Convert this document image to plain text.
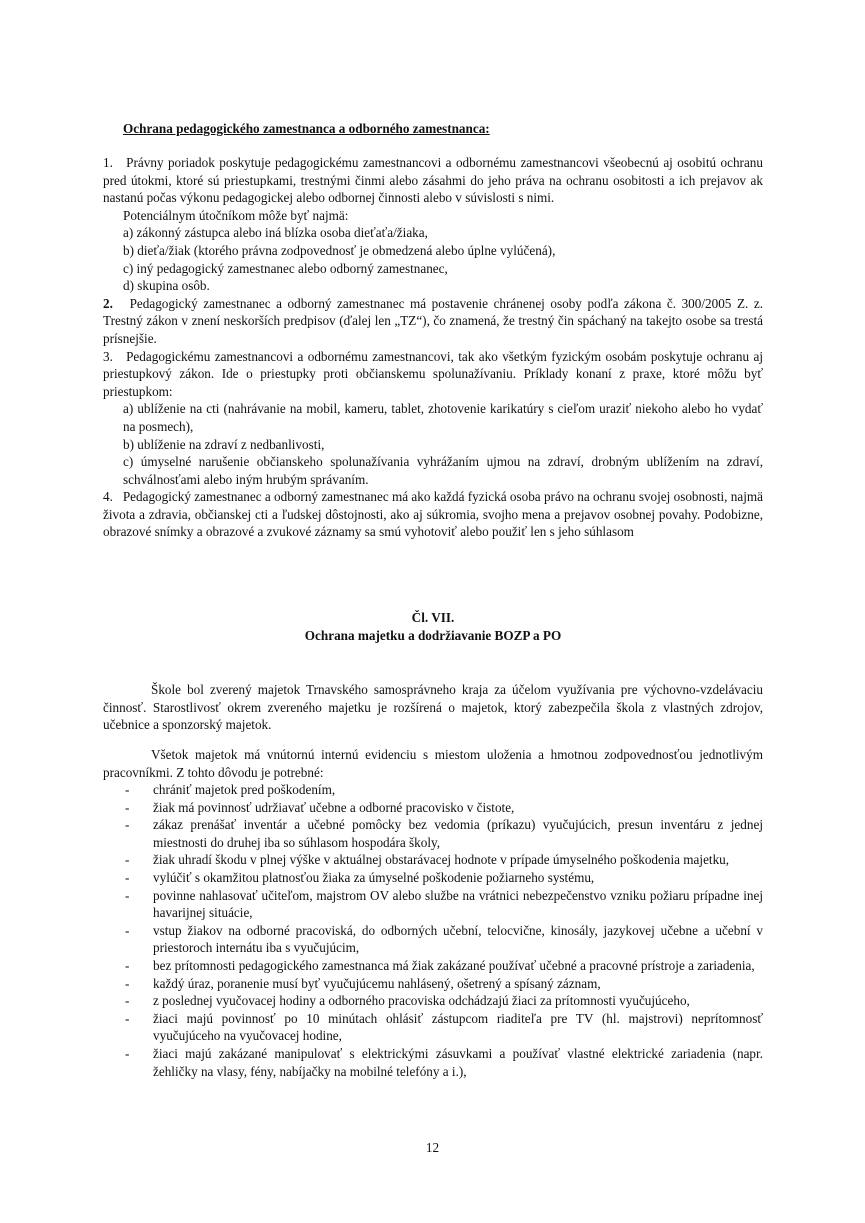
Ochrana pedagogického zamestnanca a odborného zamestnanca:

1. Právny poriadok poskytuje pedagogickému zamestnancovi a odbornému zamestnancovi všeobecnú aj osobitú ochranu pred útokmi, ktoré sú priestupkami, trestnými činmi alebo zásahmi do jeho práva na ochranu osobitosti a ich prejavov ak nastanú počas výkonu pedagogickej alebo odbornej činnosti alebo v súvislosti s nimi.

Potenciálnym útočníkom môže byť najmä:

a) zákonný zástupca alebo iná blízka osoba dieťaťa/žiaka,

b) dieťa/žiak (ktorého právna zodpovednosť je obmedzená alebo úplne vylúčená),

c) iný pedagogický zamestnanec alebo odborný zamestnanec,

d) skupina osôb.

2. Pedagogický zamestnanec a odborný zamestnanec má postavenie chránenej osoby podľa zákona č. 300/2005 Z. z. Trestný zákon v znení neskorších predpisov (ďalej len „TZ“), čo znamená, že trestný čin spáchaný na takejto osobe sa trestá prísnejšie.

3. Pedagogickému zamestnancovi a odbornému zamestnancovi, tak ako všetkým fyzickým osobám poskytuje ochranu aj priestupkový zákon. Ide o priestupky proti občianskemu spolunažívaniu. Príklady konaní z praxe, ktoré môžu byť priestupkom:

a) ublíženie na cti (nahrávanie na mobil, kameru, tablet, zhotovenie karikatúry s cieľom uraziť niekoho alebo ho vydať na posmech),

b) ublíženie na zdraví z nedbanlivosti,

c) úmyselné narušenie občianskeho spolunažívania vyhrážaním ujmou na zdraví, drobným ublížením na zdraví, schválnosťami alebo iným hrubým správaním.

4. Pedagogický zamestnanec a odborný zamestnanec má ako každá fyzická osoba právo na ochranu svojej osobnosti, najmä života a zdravia, občianskej cti a ľudskej dôstojnosti, ako aj súkromia, svojho mena a prejavov osobnej povahy. Podobizne, obrazové snímky a obrazové a zvukové záznamy sa smú vyhotoviť alebo použiť len s jeho súhlasom

Čl. VII.
Ochrana majetku a dodržiavanie BOZP a PO

Škole bol zverený majetok Trnavského samosprávneho kraja za účelom využívania pre výchovno-vzdelávaciu činnosť. Starostlivosť okrem zvereného majetku je rozšírená o majetok, ktorý zabezpečila škola z vlastných zdrojov, učebnice a sponzorský majetok.

Všetok majetok má vnútornú internú evidenciu s miestom uloženia a hmotnou zodpovednosťou jednotlivým pracovníkmi. Z tohto dôvodu je potrebné:

-	chrániť majetok pred poškodením,
-	žiak má povinnosť udržiavať učebne a odborné pracovisko v čistote,
-	zákaz prenášať inventár a učebné pomôcky bez vedomia (príkazu) vyučujúcich, presun inventáru z jednej miestnosti do druhej iba so súhlasom hospodára školy,
-	žiak uhradí škodu v plnej výške v aktuálnej obstarávacej hodnote v prípade úmyselného poškodenia majetku,
-	vylúčiť s okamžitou platnosťou žiaka za úmyselné poškodenie požiarneho systému,
-	povinne nahlasovať učiteľom, majstrom OV alebo službe na vrátnici nebezpečenstvo vzniku požiaru prípadne inej havarijnej situácie,
-	vstup žiakov na odborné pracoviská, do odborných učební, telocvične, kinosály, jazykovej učebne a učební v priestoroch internátu iba s vyučujúcim,
-	bez prítomnosti pedagogického zamestnanca má žiak zakázané používať učebné a pracovné prístroje a zariadenia,
-	každý úraz, poranenie musí byť vyučujúcemu nahlásený, ošetrený a spísaný záznam,
-	z poslednej vyučovacej hodiny a odborného pracoviska odchádzajú žiaci za prítomnosti vyučujúceho,
-	žiaci majú povinnosť po 10 minútach ohlásiť zástupcom riaditeľa pre TV (hl. majstrovi) neprítomnosť vyučujúceho na vyučovacej hodine,
-	žiaci majú zakázané manipulovať s elektrickými zásuvkami a používať vlastné elektrické zariadenia (napr. žehličky na vlasy, fény, nabíjačky na mobilné telefóny a i.),
12
